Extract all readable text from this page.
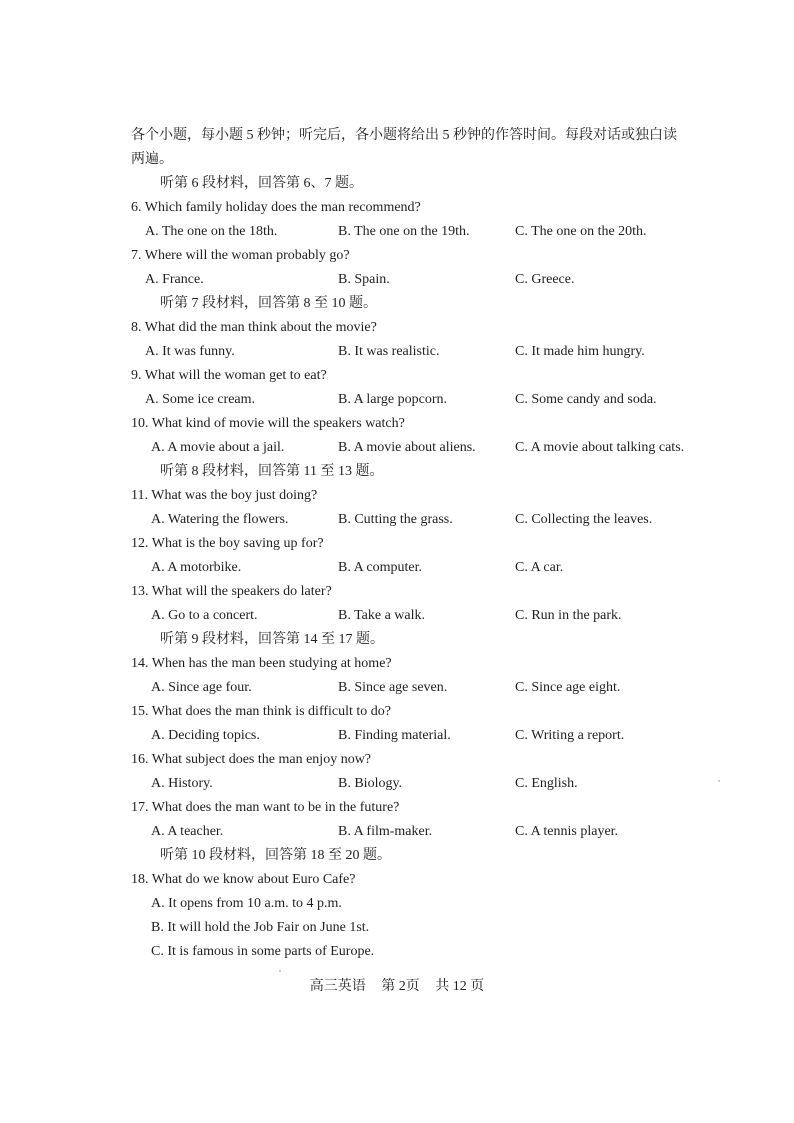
各个小题，每小题 5 秒钟；听完后，各小题将给出 5 秒钟的作答时间。每段对话或独白读
两遍。
听第 6 段材料，回答第 6、7 题。
6. Which family holiday does the man recommend?
A. The one on the 18th.	B. The one on the 19th.	C. The one on the 20th.
7. Where will the woman probably go?
A. France.	B. Spain.	C. Greece.
听第 7 段材料，回答第 8 至 10 题。
8. What did the man think about the movie?
A. It was funny.	B. It was realistic.	C. It made him hungry.
9. What will the woman get to eat?
A. Some ice cream.	B. A large popcorn.	C. Some candy and soda.
10. What kind of movie will the speakers watch?
A. A movie about a jail.	B. A movie about aliens.	C. A movie about talking cats.
听第 8 段材料，回答第 11 至 13 题。
11. What was the boy just doing?
A. Watering the flowers.	B. Cutting the grass.	C. Collecting the leaves.
12. What is the boy saving up for?
A. A motorbike.	B. A computer.	C. A car.
13. What will the speakers do later?
A. Go to a concert.	B. Take a walk.	C. Run in the park.
听第 9 段材料，回答第 14 至 17 题。
14. When has the man been studying at home?
A. Since age four.	B. Since age seven.	C. Since age eight.
15. What does the man think is difficult to do?
A. Deciding topics.	B. Finding material.	C. Writing a report.
16. What subject does the man enjoy now?
A. History.	B. Biology.	C. English.
17. What does the man want to be in the future?
A. A teacher.	B. A film-maker.	C. A tennis player.
听第 10 段材料，回答第 18 至 20 题。
18. What do we know about Euro Cafe?
A. It opens from 10 a.m. to 4 p.m.
B. It will hold the Job Fair on June 1st.
C. It is famous in some parts of Europe.
高三英语 第 2页 共 12 页
